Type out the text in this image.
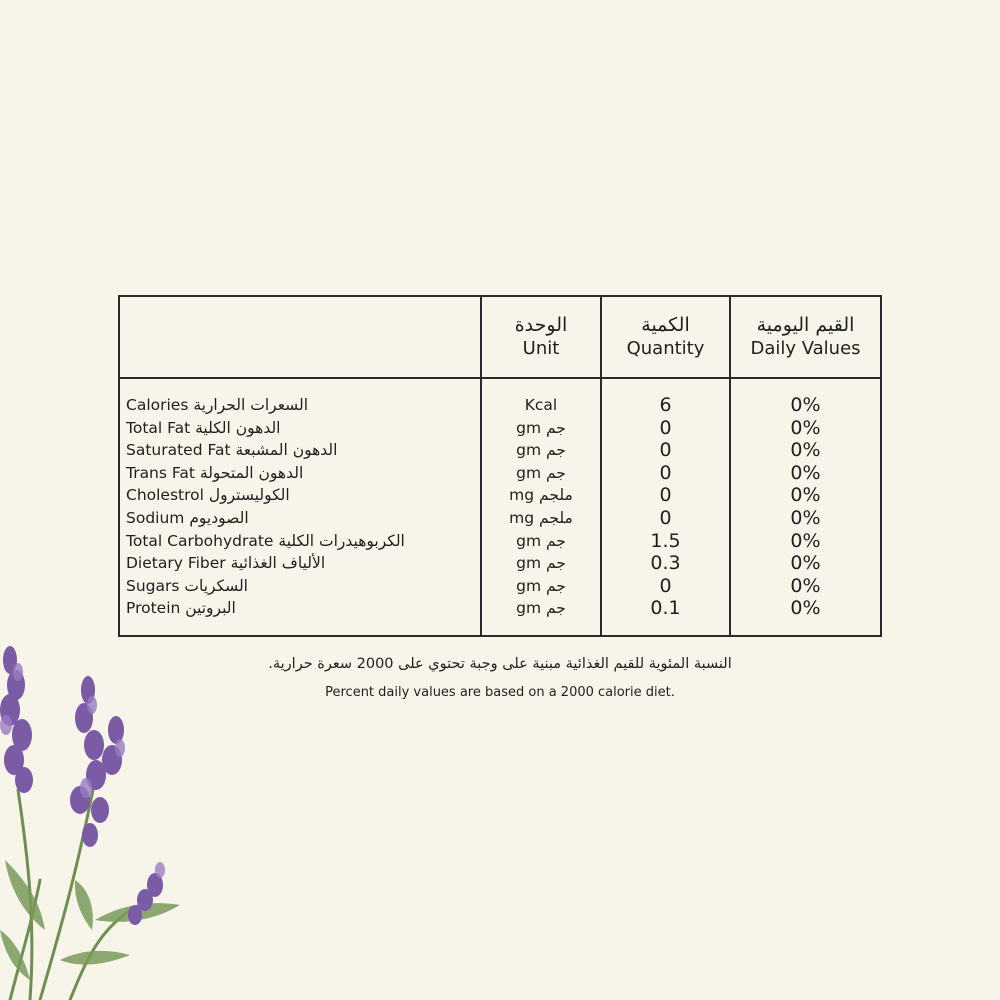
الوحدة
Unit
الكمية
Quantity
القيم اليومية
Daily Values
Calories السعرات الحرارية
Total Fat الدهون الكلية
Saturated Fat الدهون المشبعة
Trans Fat الدهون المتحولة
Cholestrol الكوليسترول
Sodium الصوديوم
Total Carbohydrate الكربوهيدرات الكلية
Dietary Fiber الألياف الغذائية
Sugars السكريات
Protein البروتين
Kcal
gm جم
gm جم
gm جم
mg ملجم
mg ملجم
gm جم
gm جم
gm جم
gm جم
6
0
0
0
0
0
1.5
0.3
0
0.1
0%
0%
0%
0%
0%
0%
0%
0%
0%
0%
النسبة المئوية للقيم الغذائية مبنية على وجبة تحتوي على 2000 سعرة حرارية.
Percent daily values are based on a 2000 calorie diet.
